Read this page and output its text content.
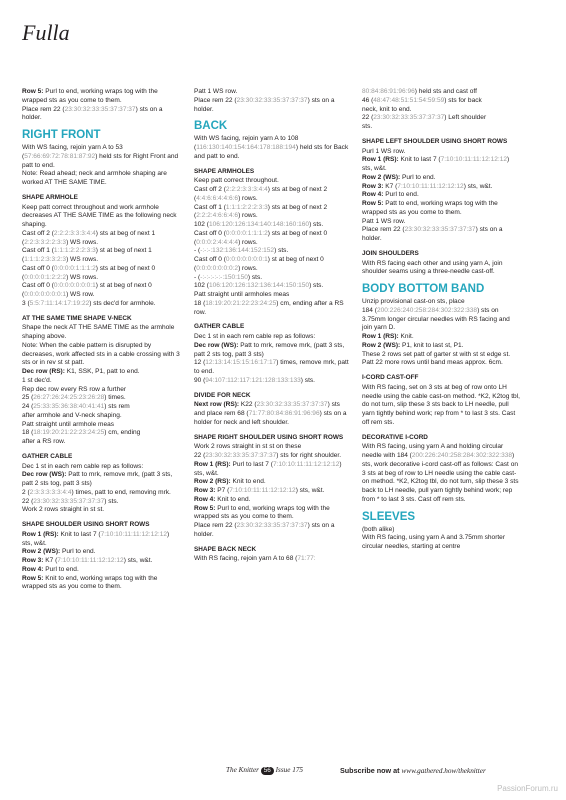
Fulla

Row 5: Purl to end, working wraps tog with the wrapped sts as you come to them.
Place rem 22 (23:30:32:33:35:37:37:37) sts on a holder.

RIGHT FRONT

With WS facing, rejoin yarn A to 53 (57:66:69:72:78:81:87:92) held sts for Right Front and patt to end.

Note: Read ahead; neck and armhole shaping are worked AT THE SAME TIME.

SHAPE ARMHOLE

Keep patt correct throughout and work armhole decreases AT THE SAME TIME as the following neck shaping.

Cast off 2 (2:2:2:3:3:3:4:4) sts at beg of next 1 (2:2:3:3:2:2:3:3) WS rows.

Cast off 1 (1:1:1:2:2:2:3:3) st at beg of next 1 (1:1:1:2:3:3:2:3) WS rows.

Cast off 0 (0:0:0:0:1:1:1:2) sts at beg of next 0 (0:0:0:0:1:2:2:2) WS rows.

Cast off 0 (0:0:0:0:0:0:0:1) st at beg of next 0 (0:0:0:0:0:0:0:1) WS row.

3 (5:5:7:11:14:17:19:22) sts dec'd for armhole.

AT THE SAME TIME SHAPE V-NECK

Shape the neck AT THE SAME TIME as the armhole shaping above.

Note: When the cable pattern is disrupted by decreases, work affected sts in a cable crossing with 3 sts or in rev st st patt.

Dec row (RS): K1, SSK, P1, patt to end.

1 st dec'd.

Rep dec row every RS row a further

25 (26:27:26:24:25:23:26:28) times.

24 (25:33:35:36:38:40:41:41) sts rem

after armhole and V-neck shaping.

Patt straight until armhole meas

18 (18:19:20:21:22:23:24:25) cm, ending

after a RS row.

GATHER CABLE

Dec 1 st in each rem cable rep as follows:

Dec row (WS): Patt to mrk, remove mrk, (patt 3 sts, patt 2 sts tog, patt 3 sts)

2 (2:3:3:3:3:3:4:4) times, patt to end, removing mrk.

22 (23:30:32:33:35:37:37:37) sts.

Work 2 rows straight in st st.

SHAPE SHOULDER USING SHORT ROWS

Row 1 (RS): Knit to last 7 (7:10:10:11:11:12:12:12) sts, w&t.

Row 2 (WS): Purl to end.

Row 3: K7 (7:10:10:11:11:12:12:12) sts, w&t.

Row 4: Purl to end.

Row 5: Knit to end, working wraps tog with the wrapped sts as you come to them.

Patt 1 WS row.

Place rem 22 (23:30:32:33:35:37:37:37) sts on a holder.

BACK

With WS facing, rejoin yarn A to 108 (116:130:140:154:164:178:188:194) held sts for Back and patt to end.

SHAPE ARMHOLES

Keep patt correct throughout.

Cast off 2 (2:2:2:3:3:3:4:4) sts at beg of next 2 (4:4:6:6:4:4:6:6) rows.

Cast off 1 (1:1:1:2:2:2:3:3) sts at beg of next 2 (2:2:2:4:6:6:4:6) rows.

102 (106:120:126:134:140:148:160:160) sts.

Cast off 0 (0:0:0:0:1:1:1:2) sts at beg of next 0 (0:0:0:2:4:4:4:4) rows.

- (-:-:-:132:136:144:152:152) sts.

Cast off 0 (0:0:0:0:0:0:0:1) st at beg of next 0 (0:0:0:0:0:0:0:2) rows.

- (-:-:-:-:-:-:150:150) sts.

102 (106:120:126:132:136:144:150:150) sts.

Patt straight until armholes meas

18 (18:19:20:21:22:23:24:25) cm, ending after a RS row.

GATHER CABLE

Dec 1 st in each rem cable rep as follows:

Dec row (WS): Patt to mrk, remove mrk, (patt 3 sts, patt 2 sts tog, patt 3 sts)

12 (12:13:14:15:15:16:17:17) times, remove mrk, patt to end.

90 (94:107:112:117:121:128:133:133) sts.

DIVIDE FOR NECK

Next row (RS): K22 (23:30:32:33:35:37:37:37) sts and place rem 68 (71:77:80:84:86:91:96:96) sts on a holder for neck and left shoulder.

SHAPE RIGHT SHOULDER USING SHORT ROWS

Work 2 rows straight in st st on these

22 (23:30:32:33:35:37:37:37) sts for right shoulder.

Row 1 (RS): Purl to last 7 (7:10:10:11:11:12:12:12) sts, w&t.

Row 2 (RS): Knit to end.

Row 3: P7 (7:10:10:11:11:12:12:12) sts, w&t.

Row 4: Knit to end.

Row 5: Purl to end, working wraps tog with the wrapped sts as you come to them.

Place rem 22 (23:30:32:33:35:37:37:37) sts on a holder.

SHAPE BACK NECK

With RS facing, rejoin yarn A to 68 (71:77:

80:84:86:91:96:96) held sts and cast off

46 (48:47:48:51:51:54:59:59) sts for back

neck, knit to end.

22 (23:30:32:33:35:37:37:37) Left shoulder

sts.

SHAPE LEFT SHOULDER USING SHORT ROWS

Purl 1 WS row.

Row 1 (RS): Knit to last 7 (7:10:10:11:11:12:12:12) sts, w&t.

Row 2 (WS): Purl to end.

Row 3: K7 (7:10:10:11:11:12:12:12) sts, w&t.

Row 4: Purl to end.

Row 5: Patt to end, working wraps tog with the wrapped sts as you come to them.

Patt 1 WS row.

Place rem 22 (23:30:32:33:35:37:37:37) sts on a holder.

JOIN SHOULDERS

With RS facing each other and using yarn A, join shoulder seams using a three-needle cast-off.

BODY BOTTOM BAND

Unzip provisional cast-on sts, place

184 (200:226:240:258:284:302:322:338) sts on 3.75mm longer circular needles with RS facing and join yarn D.

Row 1 (RS): Knit.

Row 2 (WS): P1, knit to last st, P1.

These 2 rows set patt of garter st with st st edge st.

Patt 22 more rows until band meas approx. 6cm.

I-CORD CAST-OFF

With RS facing, set on 3 sts at beg of row onto LH needle using the cable cast-on method. *K2, K2tog tbl, do not turn, slip these 3 sts back to LH needle, pull yarn tightly behind work; rep from * to last 3 sts. Cast off rem sts.

DECORATIVE I-CORD

With RS facing, using yarn A and holding circular needle with 184 (200:226:240:258:284:302:322:338) sts, work decorative i-cord cast-off as follows: Cast on 3 sts at beg of row to LH needle using the cable cast-on method. *K2, K2tog tbl, do not turn, slip these 3 sts back to LH needle, pull yarn tightly behind work; rep from * to last 3 sts. Cast off rem sts.

SLEEVES

(both alike)

With RS facing, using yarn A and 3.75mm shorter circular needles, starting at centre

The Knitter 56 Issue 175	Subscribe now at www.gathered.how/theknitter
PassionForum.ru
